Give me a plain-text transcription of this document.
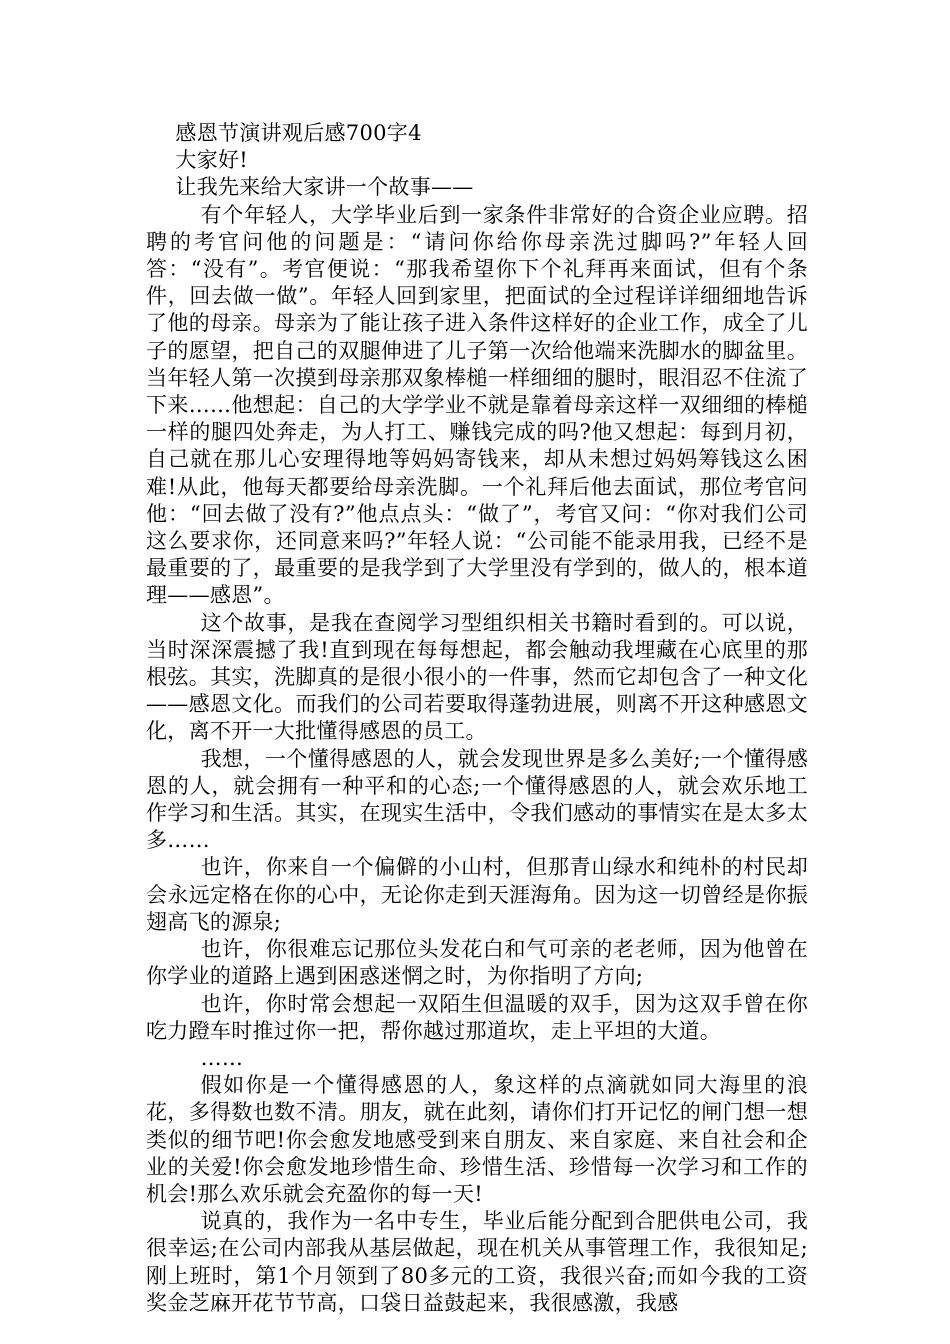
感恩节演讲观后感700字4

大家好!

让我先来给大家讲一个故事——

有个年轻人，大学毕业后到一家条件非常好的合资企业应聘。招聘的考官问他的问题是：“请问你给你母亲洗过脚吗?”年轻人回答：“没有”。考官便说：“那我希望你下个礼拜再来面试，但有个条件，回去做一做”。年轻人回到家里，把面试的全过程详详细细地告诉了他的母亲。母亲为了能让孩子进入条件这样好的企业工作，成全了儿子的愿望，把自己的双腿伸进了儿子第一次给他端来洗脚水的脚盆里。当年轻人第一次摸到母亲那双象棒槌一样细细的腿时，眼泪忍不住流了下来……他想起：自己的大学学业不就是靠着母亲这样一双细细的棒槌一样的腿四处奔走，为人打工、赚钱完成的吗?他又想起：每到月初，自己就在那儿心安理得地等妈妈寄钱来，却从未想过妈妈筹钱这么困难!从此，他每天都要给母亲洗脚。一个礼拜后他去面试，那位考官问他：“回去做了没有?”他点点头：“做了”，考官又问：“你对我们公司这么要求你，还同意来吗?”年轻人说：“公司能不能录用我，已经不是最重要的了，最重要的是我学到了大学里没有学到的，做人的，根本道理——感恩”。

这个故事，是我在查阅学习型组织相关书籍时看到的。可以说，当时深深震撼了我!直到现在每每想起，都会触动我埋藏在心底里的那根弦。其实，洗脚真的是很小很小的一件事，然而它却包含了一种文化——感恩文化。而我们的公司若要取得蓬勃进展，则离不开这种感恩文化，离不开一大批懂得感恩的员工。

我想，一个懂得感恩的人，就会发现世界是多么美好;一个懂得感恩的人，就会拥有一种平和的心态;一个懂得感恩的人，就会欢乐地工作学习和生活。其实，在现实生活中，令我们感动的事情实在是太多太多……

也许，你来自一个偏僻的小山村，但那青山绿水和纯朴的村民却会永远定格在你的心中，无论你走到天涯海角。因为这一切曾经是你振翅高飞的源泉;

也许，你很难忘记那位头发花白和气可亲的老老师，因为他曾在你学业的道路上遇到困惑迷惘之时，为你指明了方向;

也许，你时常会想起一双陌生但温暖的双手，因为这双手曾在你吃力蹬车时推过你一把，帮你越过那道坎，走上平坦的大道。

……

假如你是一个懂得感恩的人，象这样的点滴就如同大海里的浪花，多得数也数不清。朋友，就在此刻，请你们打开记忆的闸门想一想类似的细节吧!你会愈发地感受到来自朋友、来自家庭、来自社会和企业的关爱!你会愈发地珍惜生命、珍惜生活、珍惜每一次学习和工作的机会!那么欢乐就会充盈你的每一天!

说真的，我作为一名中专生，毕业后能分配到合肥供电公司，我很幸运;在公司内部我从基层做起，现在机关从事管理工作，我很知足;刚上班时，第1个月领到了80多元的工资，我很兴奋;而如今我的工资奖金芝麻开花节节高，口袋日益鼓起来，我很感激，我感
